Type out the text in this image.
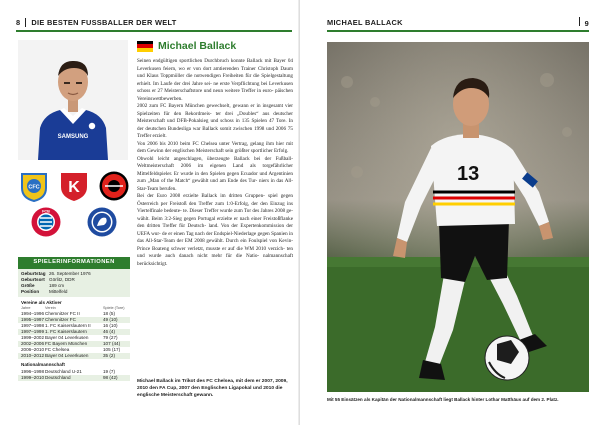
8 DIE BESTEN FUSSBALLER DER WELT
SAMSUNG
CFC K
FCB
SPIELERINFORMATIONEN
Geburtstag 26. September 1976
Geburtsort Görlitz, DDR
Größe	189 cm
Position	Mittelfeld
Vereine als Aktiver
Jahre	Verein	Spiele (Tore)
1994–1996 Chemnitzer FC II	18 (5)
1995–1997 Chemnitzer FC	49 (10)
1997–1998 1. FC Kaiserslautern II	16 (10)
1997–1999 1. FC Kaiserslautern	46 (4)
1999–2002 Bayer 04 Leverkusen	79 (27)
2002–2006 FC Bayern München	107 (44)
2006–2010 FC Chelsea	105 (17)
2010–2012 Bayer 04 Leverkusen	35 (2)
Nationalmannschaft
1996–1998 Deutschland U-21	19 (7)
1999–2010 Deutschland	98 (42)
Michael Ballack

Seinen endgültigen sportlichen Durchbruch konnte Ballack mit Bayer 04 Leverkusen feiern, wo er von dort amtierenden Trainer Christoph Daum und Klaus Toppmöller die notwendigen Freiheiten für die Spielgestaltung erhielt. Im Laufe der drei Jahre sei- ne erste Verpflichtung bei Leverkusen schoss er 27 Meisterschaftstore und neun weitere Treffer in euro- päischen Vereinswettbewerben.

2002 zum FC Bayern München gewechselt, gewann er in insgesamt vier Spielzeiten für den Rekordmeis- ter drei „Doubles“ aus deutscher Meisterschaft und DFB-Pokalsieg und schoss in 135 Spielen 47 Tore. In der deutschen Bundesliga war Ballack somit zwischen 1998 und 2006 75 Treffer erzielt.

Von 2006 bis 2010 beim FC Chelsea unter Vertrag, gelang ihm hier mit dem Gewinn der englischen Meisterschaft sein größter sportlicher Erfolg.

Obwohl leicht angeschlagen, überzeugte Ballack bei der Fußball-Weltmeisterschaft 2006 im eigenen Land als torgefährlicher Mittelfeldspieler. Er wurde in den Spielen gegen Ecuador und Argentinien zum „Man of the Match“ gewählt und am Ende des Tur- niers in das All-Star-Team berufen.

Bei der Euro 2008 erzielte Ballack im dritten Gruppen- spiel gegen Österreich per Freistoß den Treffer zum 1:0-Erfolg, der den Einzug ins Viertelfinale bedeute- te. Dieser Treffer wurde zum Tor des Jahres 2008 ge- wählt. Beim 3:2-Sieg gegen Portugal erzielte er nach einer Freistoßflanke den dritten Treffer für Deutsch- land. Von der Expertenkommission der UEFA wur- de er einen Tag nach der Endspiel-Niederlage gegen Spanien in das All-Star-Team der EM 2008 gewählt. Durch ein Foulspiel von Kevin-Prince Boateng schwer verletzt, musste er auf die WM 2010 verzich- ten und wurde auch danach nicht mehr für die Natio- nalmannschaft berücksichtigt.

Michael Ballack im Trikot des FC Chelsea, mit dem er 2007, 2009, 2010 den FA Cup, 2007 den Englischen Ligapokal und 2010 die englische Meisterschaft gewann.
MICHAEL BALLACK	9
13
Mit 55 Einsätzen als Kapitän der Nationalmannschaft liegt Ballack hinter Lothar Matthäus auf dem 2. Platz.
